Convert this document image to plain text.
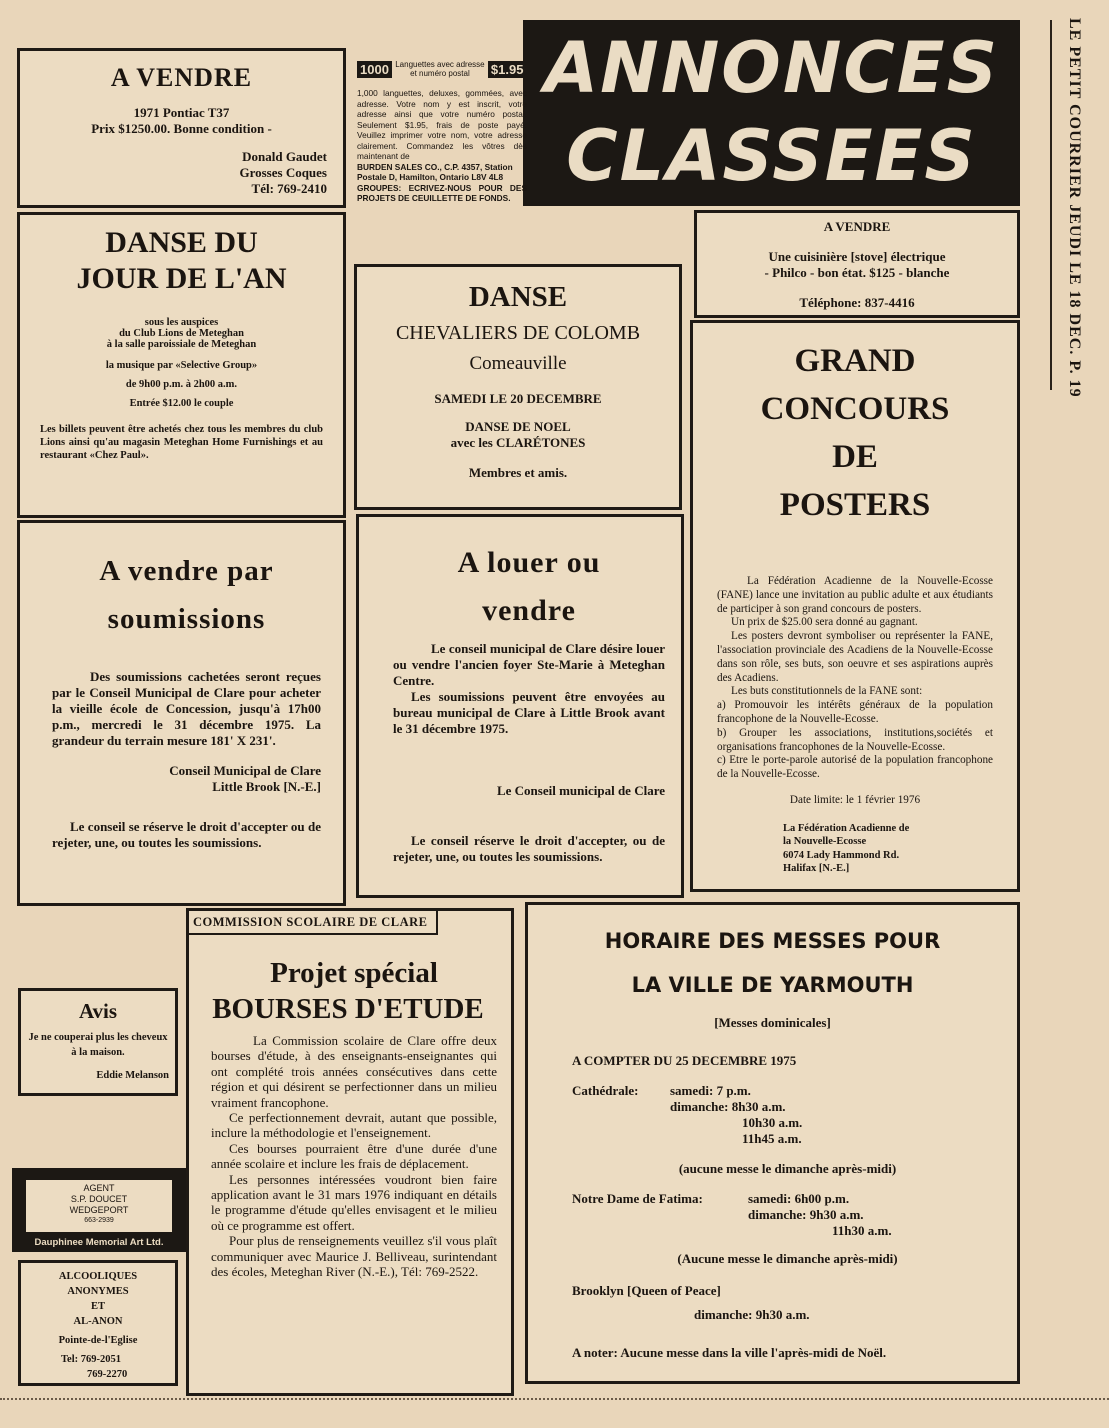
ANNONCES
CLASSEES	LE PETIT COURRIER JEUDI LE 18 DEC. P. 19
1000 Languettes avec adresse et numéro postal	$1.95

1,000 languettes, deluxes, gommées, avec adresse. Votre nom y est inscrit, votre adresse ainsi que votre numéro postal. Seulement $1.95, frais de poste payé. Veuillez imprimer votre nom, votre adresse clairement. Commandez les vôtres dès maintenant de

BURDEN SALES CO., C.P. 4357, Station Postale D, Hamilton, Ontario L8V 4L8

GROUPES: ECRIVEZ-NOUS POUR DES PROJETS DE CEUILLETTE DE FONDS.

A VENDRE
1971 Pontiac T37
Prix $1250.00. Bonne condition -
Donald Gaudet
Grosses Coques
Tél: 769-2410
DANSE DU
JOUR DE L'AN
sous les auspices
du Club Lions de Meteghan
à la salle paroissiale de Meteghan
la musique par «Selective Group»
de 9h00 p.m. à 2h00 a.m.
Entrée $12.00 le couple

Les billets peuvent être achetés chez tous les membres du club Lions ainsi qu'au magasin Meteghan Home Furnishings et au restaurant «Chez Paul».

DANSE
CHEVALIERS DE COLOMB
Comeauville
SAMEDI LE 20 DECEMBRE
DANSE DE NOEL
avec les CLARÉTONES
Membres et amis.
A VENDRE
Une cuisinière [stove] électrique
- Philco - bon état. $125 - blanche
Téléphone: 837-4416
GRAND
CONCOURS
DE
POSTERS

La Fédération Acadienne de la Nouvelle-Ecosse (FANE) lance une invitation au public adulte et aux étudiants de participer à son grand concours de posters.

Un prix de $25.00 sera donné au gagnant.

Les posters devront symboliser ou représenter la FANE, l'association provinciale des Acadiens de la Nouvelle-Ecosse dans son rôle, ses buts, son oeuvre et ses aspirations auprès des Acadiens.

Les buts constitutionnels de la FANE sont:

a) Promouvoir les intérêts généraux de la population francophone de la Nouvelle-Ecosse.

b) Grouper les associations, institutions,sociétés et organisations francophones de la Nouvelle-Ecosse.

c) Etre le porte-parole autorisé de la population francophone de la Nouvelle-Ecosse.

Date limite: le 1 février 1976

La Fédération Acadienne de

la Nouvelle-Ecosse

6074 Lady Hammond Rd.

Halifax [N.-E.]

A vendre par
soumissions

Des soumissions cachetées seront reçues par le Conseil Municipal de Clare pour acheter la vieille école de Concession, jusqu'à 17h00 p.m., mercredi le 31 décembre 1975. La grandeur du terrain mesure 181' X 231'.

Conseil Municipal de Clare

Little Brook [N.-E.]

Le conseil se réserve le droit d'accepter ou de rejeter, une, ou toutes les soumissions.

A louer ou
vendre

Le conseil municipal de Clare désire louer ou vendre l'ancien foyer Ste-Marie à Meteghan Centre.

Les soumissions peuvent être envoyées au bureau municipal de Clare à Little Brook avant le 31 décembre 1975.

Le Conseil municipal de Clare

Le conseil réserve le droit d'accepter, ou de rejeter, une, ou toutes les soumissions.

Avis

Je ne couperai plus les cheveux à la maison.

Eddie Melanson

AGENT
S.P. DOUCET
WEDGEPORT
663-2939
Dauphinee Memorial Art Ltd.
ALCOOLIQUES
ANONYMES
ET
AL-ANON
Pointe-de-l'Eglise
Tel: 769-2051
769-2270
COMMISSION SCOLAIRE DE CLARE
Projet spécial
BOURSES D'ETUDE

La Commission scolaire de Clare offre deux bourses d'étude, à des enseignants-enseignantes qui ont complété trois années consécutives dans cette région et qui désirent se perfectionner dans un milieu vraiment francophone.

Ce perfectionnement devrait, autant que possible, inclure la méthodologie et l'enseignement.

Ces bourses pourraient être d'une durée d'une année scolaire et inclure les frais de déplacement.

Les personnes intéressées voudront bien faire application avant le 31 mars 1976 indiquant en détails le programme d'étude qu'elles envisagent et le milieu où ce programme est offert.

Pour plus de renseignements veuillez s'il vous plaît communiquer avec Maurice J. Belliveau, surintendant des écoles, Meteghan River (N.-E.), Tél: 769-2522.

HORAIRE DES MESSES POUR
LA VILLE DE YARMOUTH
[Messes dominicales]
A COMPTER DU 25 DECEMBRE 1975
Cathédrale: samedi: 7 p.m.
dimanche: 8h30 a.m.
10h30 a.m.
11h45 a.m.
(aucune messe le dimanche après-midi)
Notre Dame de Fatima:	samedi: 6h00 p.m.
dimanche: 9h30 a.m.
11h30 a.m.
(Aucune messe le dimanche après-midi)
Brooklyn [Queen of Peace]
dimanche: 9h30 a.m.
A noter: Aucune messe dans la ville l'après-midi de Noël.
